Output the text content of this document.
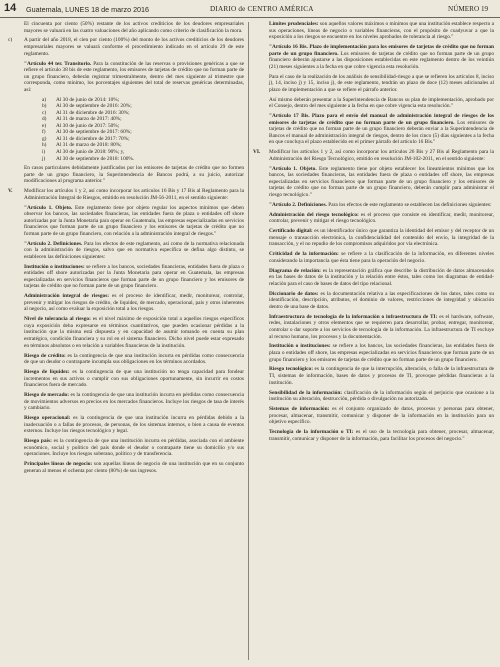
14 Guatemala, LUNES 18 de marzo 2016	DIARIO de CENTRO AMÉRICA	NÚMERO 19

El cincuenta por ciento (50%) restante de los activos crediticios de los deudores empresariales mayores se valuará en las cuatro valuaciones del año aplicando como criterio de clasificación la mora.

c)	A partir del año 2018, el cien por ciento (100%) del monto de los activos crediticios de los deudores empresariales mayores se valuará conforme el procedimiento indicado en el artículo 29 de este reglamento.

"Artículo 44 ter. Transitorio. Para la constitución de las reservas o provisiones genéricas a que se refiere el artículo 38 bis de este reglamento, los emisores de tarjetas de crédito que no forman parte de un grupo financiero, deberán registrar trimestralmente, dentro del mes siguiente al trimestre que corresponda, como mínimo, los porcentajes siguientes del total de reservas genéricas determinadas, así:

a)	Al 30 de junio de 2014: 10%;
b)	Al 30 de septiembre de 2016: 20%;
c)	Al 31 de diciembre de 2016: 30%;
d)	Al 31 de marzo de 2017: 40%;
e)	Al 30 de junio de 2017: 50%;
f)	Al 30 de septiembre de 2017: 60%;
g)	Al 31 de diciembre de 2017: 70%;
h)	Al 31 de marzo de 2018: 80%;
i)	Al 30 de junio de 2018: 90%; y,
j)	Al 30 de septiembre de 2018: 100%.

En casos particulares debidamente justificados por los emisores de tarjetas de crédito que no formen parte de un grupo financiero, la Superintendencia de Bancos podrá, a su juicio, autorizar modificaciones al programa anterior."

V.	Modificar los artículos 1 y 2, así como incorporar los artículos 16 Bis y 17 Bis al Reglamento para la Administración Integral de Riesgos, emitido en resolución JM-56-2011, en el sentido siguiente:

"Artículo 1. Objeto. Este reglamento tiene por objeto regular los aspectos mínimos que deben observar los bancos, las sociedades financieras, las entidades fuera de plaza o entidades off shore autorizadas por la Junta Monetaria para operar en Guatemala, las empresas especializadas en servicios financieros que forman parte de un grupo financiero y los emisores de tarjetas de crédito que no forman parte de un grupo financiero, con relación a la administración integral de riesgos."

"Artículo 2. Definiciones. Para los efectos de este reglamento, así como de la normativa relacionada con la administración de riesgos, salvo que en normativa específica se defina algo distinto, se establecen las definiciones siguientes:

Institución o instituciones: se refiere a los bancos, sociedades financieras, entidades fuera de plaza o entidades off shore autorizadas por la Junta Monetaria para operar en Guatemala, las empresas especializadas en servicios financieros que forman parte de un grupo financiero y los emisores de tarjetas de crédito que no forman parte de un grupo financiero.

Administración integral de riesgos: es el proceso de identificar, medir, monitorear, controlar, prevenir y mitigar los riesgos de crédito, de liquidez, de mercado, operacional, país y otros inherentes al negocio, así como evaluar la exposición total a los riesgos.

Nivel de tolerancia al riesgo: es el nivel máximo de exposición total a aquellos riesgos específicos cuya exposición deba expresarse en términos cuantitativos, que pueden ocasionar pérdidas a la institución que la misma está dispuesta y en capacidad de asumir tomando en cuenta su plan estratégico, condición financiera y su rol en el sistema financiero. Dicho nivel puede estar expresado en términos absolutos o en relación a variables financieras de la institución.

Riesgo de crédito: es la contingencia de que una institución incurra en pérdidas como consecuencia de que un deudor o contraparte incumpla sus obligaciones en los términos acordados.

Riesgo de liquidez: es la contingencia de que una institución no tenga capacidad para fondear incrementos en sus activos o cumplir con sus obligaciones oportunamente, sin incurrir en costos financieros fuera de mercado.

Riesgo de mercado: es la contingencia de que una institución incurra en pérdidas como consecuencia de movimientos adversos en precios en los mercados financieros. Incluye los riesgos de tasa de interés y cambiario.

Riesgo operacional: es la contingencia de que una institución incurra en pérdidas debido a la inadecuación o a fallas de procesos, de personas, de los sistemas internos, o bien a causa de eventos externos. Incluye los riesgos tecnológico y legal.

Riesgo país: es la contingencia de que una institución incurra en pérdidas, asociada con el ambiente económico, social y político del país donde el deudor o contraparte tiene su domicilio y/o sus operaciones. Incluye los riesgos soberano, político y de transferencia.

Principales líneas de negocio: son aquellas líneas de negocio de una institución que en su conjunto generan al menos el ochenta por ciento (80%) de sus ingresos.

Límites prudenciales: son aquellos valores máximos o mínimos que una institución establece respecto a sus operaciones, líneas de negocio o variables financieras, con el propósito de coadyuvar a que la exposición a los riesgos se encuentre en los niveles aprobados de tolerancia al riesgo."

"Artículo 16 Bis. Plazo de implementación para los emisores de tarjetas de crédito que no forman parte de un grupo financiero. Los emisores de tarjetas de crédito que no forman parte de un grupo financiero deberán ajustarse a las disposiciones establecidas en este reglamento dentro de los veintiún (21) meses siguientes a la fecha en que cobre vigencia esta resolución.

Para el caso de la realización de los análisis de sensibilidad-riesgo a que se refieren los artículos 8, inciso j), 14, inciso j) y 15, inciso j), de este reglamento, tendrán un plazo de doce (12) meses adicionales al plazo de implementación a que se refiere el párrafo anterior.

Así mismo deberán presentar a la Superintendencia de Bancos su plan de implementación, aprobado por el Consejo, dentro del mes siguiente a la fecha en que cobre vigencia esta resolución."

"Artículo 17 Bis. Plazo para el envío del manual de administración integral de riesgos de los emisores de tarjetas de crédito que no forman parte de un grupo financiero. Los emisores de tarjetas de crédito que no forman parte de un grupo financiero deberán enviar a la Superintendencia de Bancos el manual de administración integral de riesgos, dentro de los cinco (5) días siguientes a la fecha en que concluya el plazo establecido en el primer párrafo del artículo 16 Bis."

VI.	Modificar los artículos 1 y 2, así como incorporar los artículos 26 Bis y 27 Bis al Reglamento para la Administración del Riesgo Tecnológico, emitido en resolución JM-102-2011, en el sentido siguiente:

"Artículo 1. Objeto. Este reglamento tiene por objeto establecer los lineamientos mínimos que los bancos, las sociedades financieras, las entidades fuera de plaza o entidades off shore, las empresas especializadas en servicios financieros que forman parte de un grupo financiero y los emisores de tarjetas de crédito que no forman parte de un grupo financiero, deberán cumplir para administrar el riesgo tecnológico."

"Artículo 2. Definiciones. Para los efectos de este reglamento se establecen las definiciones siguientes:

Administración del riesgo tecnológico: es el proceso que consiste en identificar, medir, monitorear, controlar, prevenir y mitigar el riesgo tecnológico.

Certificado digital: es un identificador único que garantiza la identidad del emisor y del receptor de un mensaje o transacción electrónica, la confidencialidad del contenido del envío, la integridad de la transacción, y el no repudio de los compromisos adquiridos por vía electrónica.

Criticidad de la información: se refiere a la clasificación de la información, en diferentes niveles considerando la importancia que ésta tiene para la operación del negocio.

Diagrama de relación: es la representación gráfica que describe la distribución de datos almacenados en las bases de datos de la institución y la relación entre éstos, tales como los diagramas de entidad-relación para el caso de bases de datos del tipo relacional.

Diccionario de datos: es la documentación relativa a las especificaciones de los datos, tales como su identificación, descripción, atributos, el dominio de valores, restricciones de integridad y ubicación dentro de una base de datos.

Infraestructura de tecnología de la información o infraestructura de TI: es el hardware, software, redes, instalaciones y otros elementos que se requieren para desarrollar, probar, entregar, monitorear, controlar o dar soporte a los servicios de tecnología de la información. La infraestructura de TI excluye al recurso humano, los procesos y la documentación.

Institución o instituciones: se refiere a los bancos, las sociedades financieras, las entidades fuera de plaza o entidades off shore, las empresas especializadas en servicios financieros que forman parte de un grupo financiero y los emisores de tarjetas de crédito que no forman parte de un grupo financiero.

Riesgo tecnológico: es la contingencia de que la interrupción, alteración, o falla de la infraestructura de TI, sistemas de información, bases de datos y procesos de TI, provoque pérdidas financieras a la institución.

Sensibilidad de la información: clasificación de la información según el perjuicio que ocasione a la institución su alteración, destrucción, pérdida o divulgación no autorizada.

Sistemas de información: es el conjunto organizado de datos, procesos y personas para obtener, procesar, almacenar, transmitir, comunicar y disponer de la información en la institución para un objetivo específico.

Tecnología de la información o TI: es el uso de la tecnología para obtener, procesar, almacenar, transmitir, comunicar y disponer de la información, para facilitar los procesos del negocio."
